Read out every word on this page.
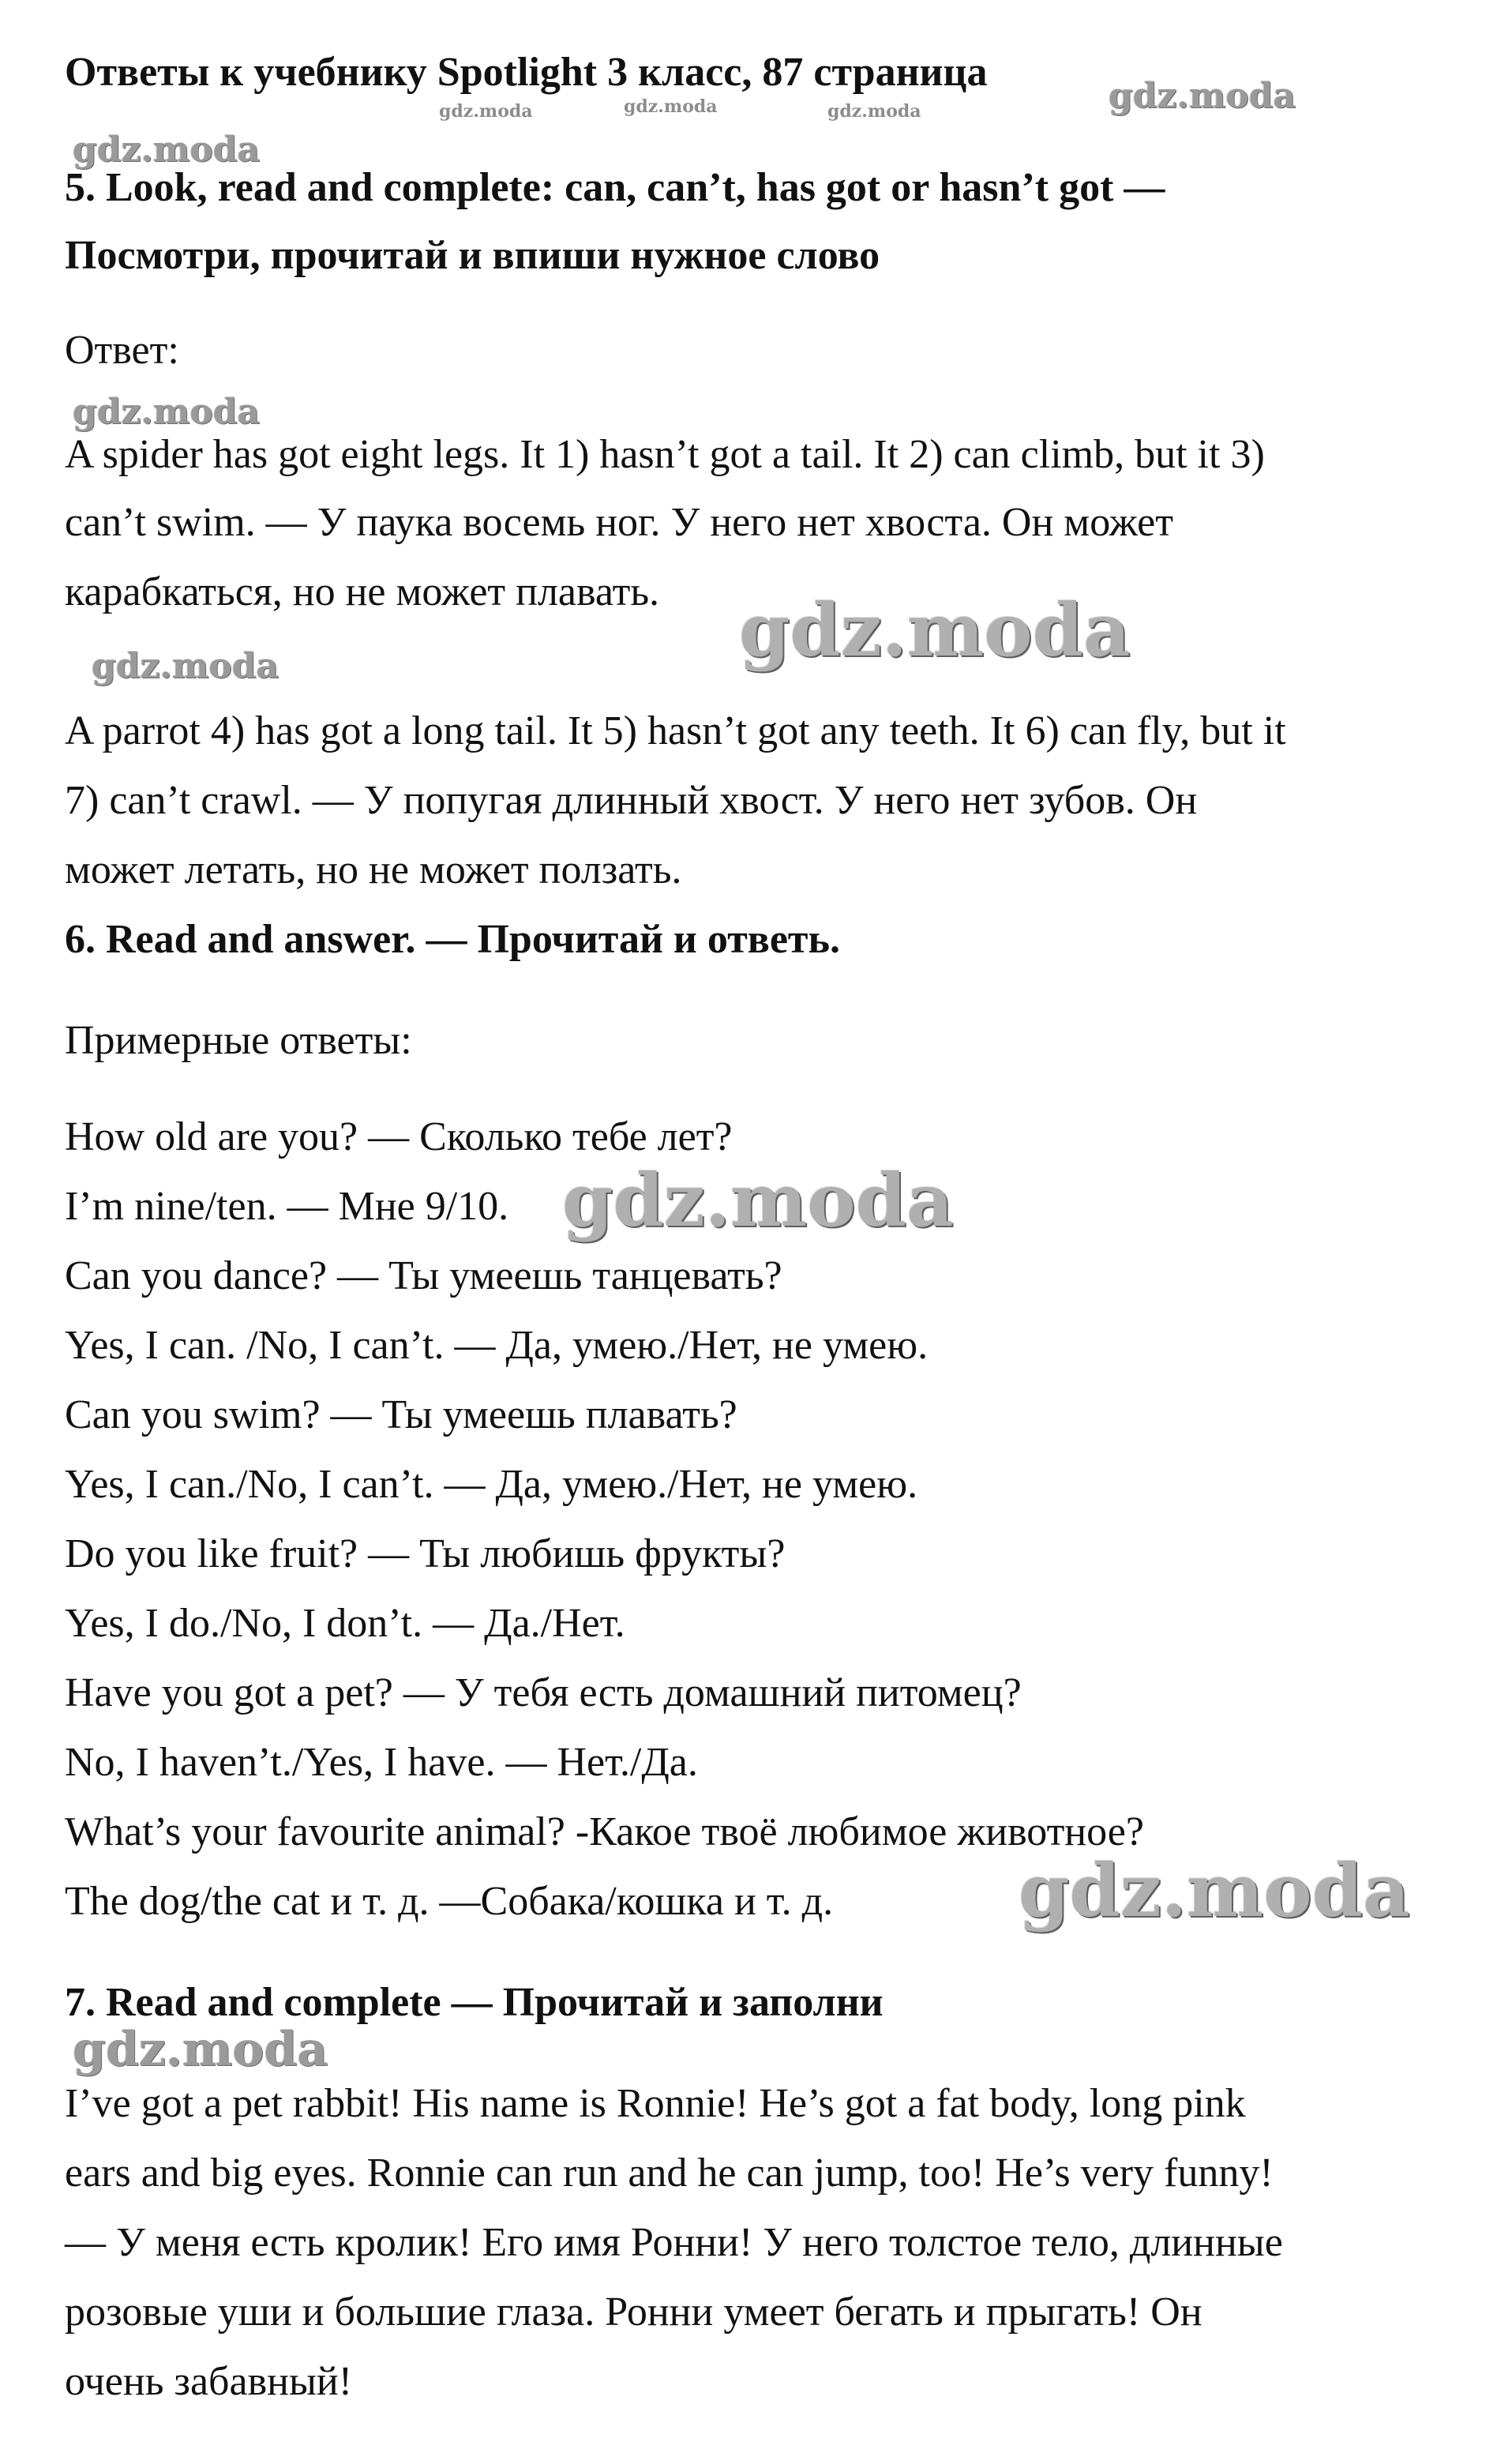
Ответы к учебнику Spotlight 3 класс, 87 страница
gdz.moda	gdz.moda	gdz.moda	gdz.moda
gdz.moda
5. Look, read and complete: can, can’t, has got or hasn’t got —
Посмотри, прочитай и впиши нужное слово
Ответ:
gdz.moda
A spider has got eight legs. It 1) hasn’t got a tail. It 2) can climb, but it 3)
can’t swim. — У паука восемь ног. У него нет хвоста. Он может
карабкаться, но не может плавать. gdz.moda
gdz.moda
A parrot 4) has got a long tail. It 5) hasn’t got any teeth. It 6) can fly, but it
7) can’t crawl. — У попугая длинный хвост. У него нет зубов. Он
может летать, но не может ползать.
6. Read and answer. — Прочитай и ответь.
Примерные ответы:
How old are you? — Сколько тебе лет?
I’m nine/ten. — Мне 9/10. gdz.moda
Can you dance? — Ты умеешь танцевать?
Yes, I can. /No, I can’t. — Да, умею./Нет, не умею.
Can you swim? — Ты умеешь плавать?
Yes, I can./No, I can’t. — Да, умею./Нет, не умею.
Do you like fruit? — Ты любишь фрукты?
Yes, I do./No, I don’t. — Да./Нет.
Have you got a pet? — У тебя есть домашний питомец?
No, I haven’t./Yes, I have. — Нет./Да.
What’s your favourite animal? -Какое твоё любимое животное?
The dog/the cat и т. д. —Собака/кошка и т. д.	gdz.moda
7. Read and complete — Прочитай и заполни
gdz.moda
I’ve got a pet rabbit! His name is Ronnie! He’s got a fat body, long pink
ears and big eyes. Ronnie can run and he can jump, too! He’s very funny!
— У меня есть кролик! Его имя Ронни! У него толстое тело, длинные
розовые уши и большие глаза. Ронни умеет бегать и прыгать! Он
очень забавный!
